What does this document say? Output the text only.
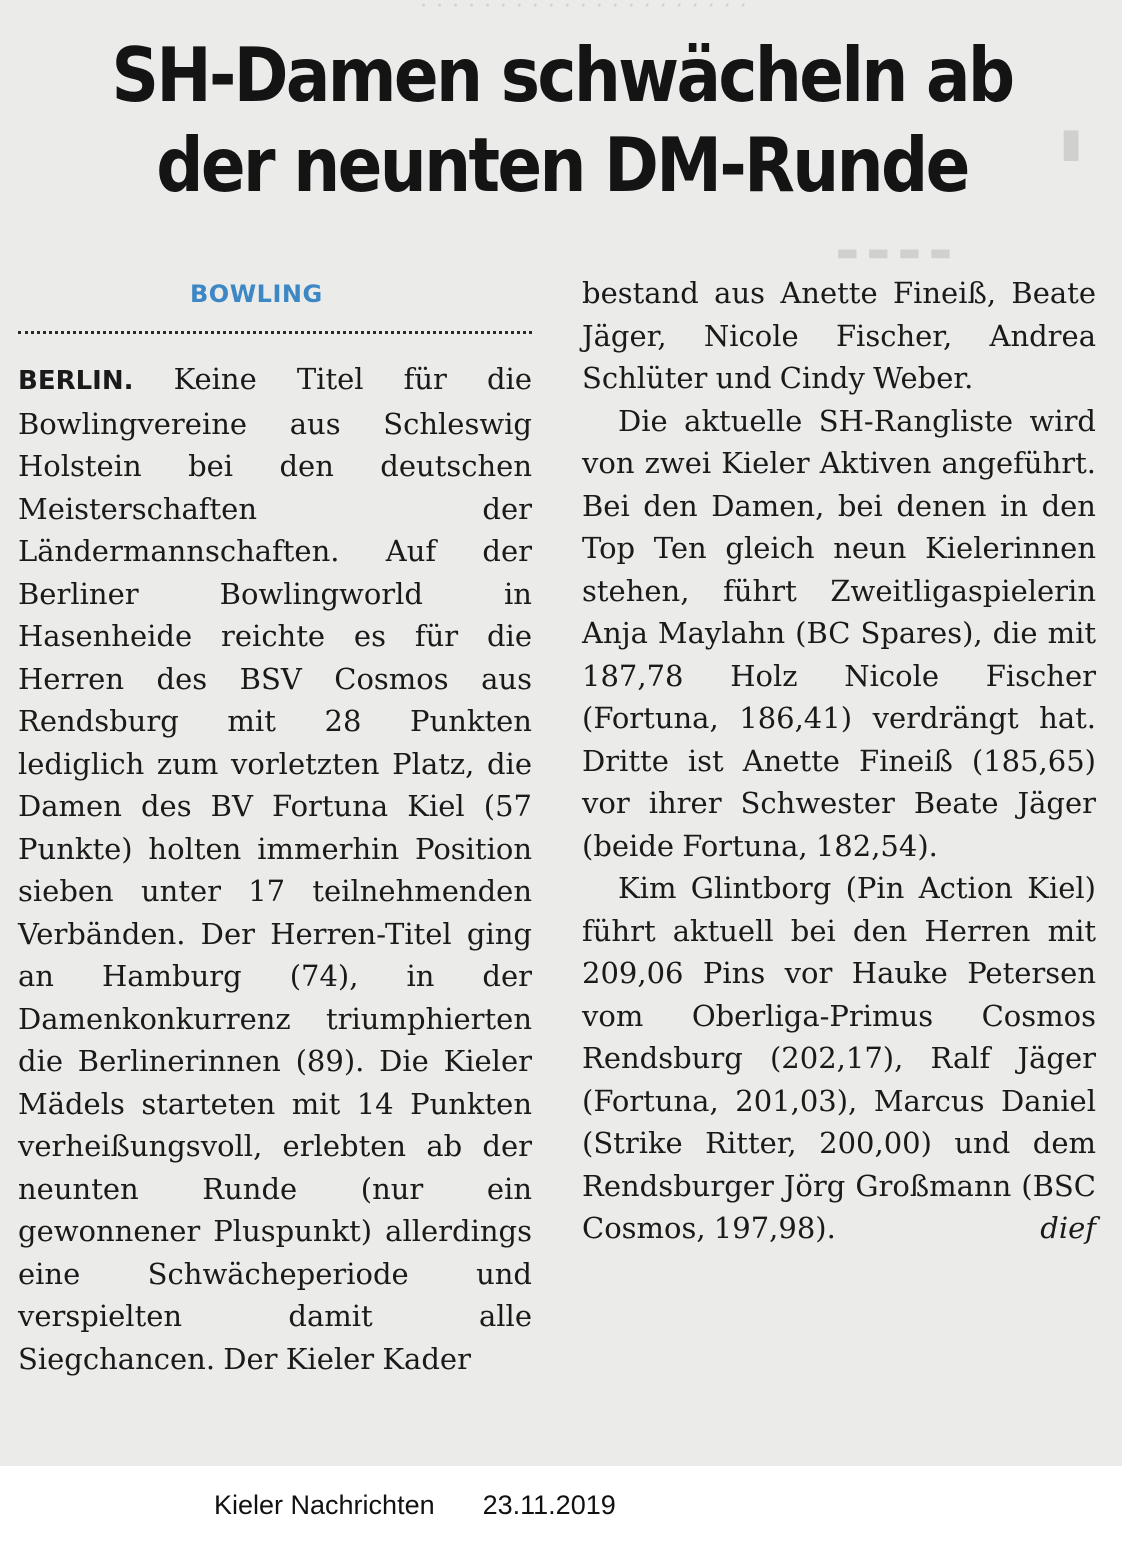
· · · · · · · · · · · · · · · · · · · · ·
▮
▬ ▬ ▬ ▬
SH-Damen schwächeln ab
der neunten DM-Runde
BOWLING

BERLIN. Keine Titel für die Bowlingvereine aus Schleswig Holstein bei den deutschen Meisterschaften der Ländermannschaften. Auf der Berliner Bowlingworld in Hasenheide reichte es für die Herren des BSV Cosmos aus Rendsburg mit 28 Punkten lediglich zum vorletzten Platz, die Damen des BV Fortuna Kiel (57 Punkte) holten immerhin Position sieben unter 17 teilnehmenden Verbänden. Der Herren-Titel ging an Hamburg (74), in der Damenkonkurrenz triumphierten die Berlinerinnen (89). Die Kieler Mädels starteten mit 14 Punkten verheißungsvoll, erlebten ab der neunten Runde (nur ein gewonnener Pluspunkt) allerdings eine Schwächeperiode und verspielten damit alle Siegchancen. Der Kieler Kader

bestand aus Anette Fineiß, Beate Jäger, Nicole Fischer, Andrea Schlüter und Cindy Weber.

Die aktuelle SH-Rangliste wird von zwei Kieler Aktiven angeführt. Bei den Damen, bei denen in den Top Ten gleich neun Kielerinnen stehen, führt Zweitligaspielerin Anja Maylahn (BC Spares), die mit 187,78 Holz Nicole Fischer (Fortuna, 186,41) verdrängt hat. Dritte ist Anette Fineiß (185,65) vor ihrer Schwester Beate Jäger (beide Fortuna, 182,54).

Kim Glintborg (Pin Action Kiel) führt aktuell bei den Herren mit 209,06 Pins vor Hauke Petersen vom Oberliga-Primus Cosmos Rendsburg (202,17), Ralf Jäger (Fortuna, 201,03), Marcus Daniel (Strike Ritter, 200,00) und dem Rendsburger Jörg Großmann (BSC Cosmos, 197,98).	dief

Kieler Nachrichten 23.11.2019
